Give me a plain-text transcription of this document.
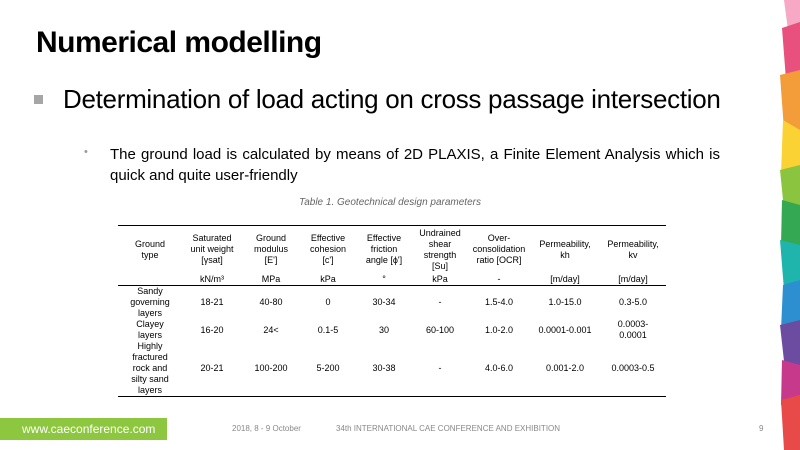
Numerical modelling
Determination of load acting on cross passage intersection
• The ground load is calculated by means of 2D PLAXIS, a Finite Element Analysis which is quick and quite user-friendly
Table 1. Geotechnical design parameters
Ground
type	Saturated
unit weight
[γsat]	Ground
modulus
[E']	Effective
cohesion
[c']	Effective
friction
angle [ϕ']	Undrained
shear
strength
[Su]	Over-
consolidation
ratio [OCR]	Permeability,
kh	Permeability,
kv
	kN/m³	MPa	kPa	°	kPa	-	[m/day]	[m/day]
Sandy
governing
layers	18-21	40-80	0	30-34	-	1.5-4.0	1.0-15.0	0.3-5.0
Clayey
layers	16-20	24<	0.1-5	30	60-100	1.0-2.0	0.0001-0.001	0.0003-
0.0001
Highly
fractured
rock and
silty sand
layers	20-21	100-200	5-200	30-38	-	4.0-6.0	0.001-2.0	0.0003-0.5
www.caeconference.com	2018, 8 - 9 October	34th INTERNATIONAL CAE CONFERENCE AND EXHIBITION	9
